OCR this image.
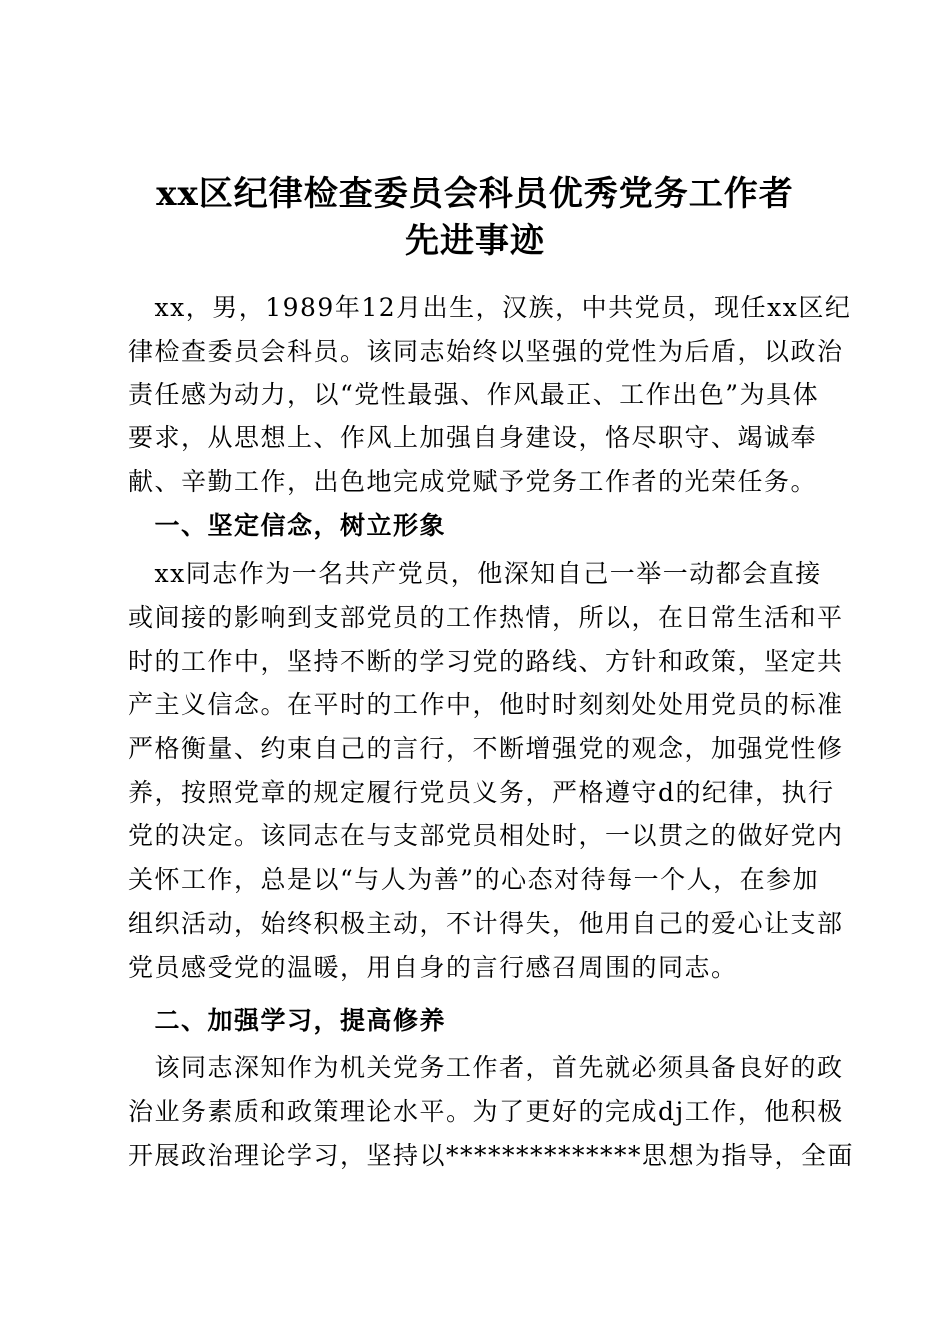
xx区纪律检查委员会科员优秀党务工作者
先进事迹

　xx，男，1989年12月出生，汉族，中共党员，现任xx区纪

律检查委员会科员。该同志始终以坚强的党性为后盾，以政治

责任感为动力，以“党性最强、作风最正、工作出色”为具体

要求，从思想上、作风上加强自身建设，恪尽职守、竭诚奉

献、辛勤工作，出色地完成党赋予党务工作者的光荣任务。

　一、坚定信念，树立形象

　xx同志作为一名共产党员，他深知自己一举一动都会直接

或间接的影响到支部党员的工作热情，所以，在日常生活和平

时的工作中，坚持不断的学习党的路线、方针和政策，坚定共

产主义信念。在平时的工作中，他时时刻刻处处用党员的标准

严格衡量、约束自己的言行，不断增强党的观念，加强党性修

养，按照党章的规定履行党员义务，严格遵守d的纪律，执行

党的决定。该同志在与支部党员相处时，一以贯之的做好党内

关怀工作，总是以“与人为善”的心态对待每一个人，在参加

组织活动，始终积极主动，不计得失，他用自己的爱心让支部

党员感受党的温暖，用自身的言行感召周围的同志。

　二、加强学习，提高修养

　该同志深知作为机关党务工作者，首先就必须具备良好的政

治业务素质和政策理论水平。为了更好的完成dj工作，他积极

开展政治理论学习，坚持以**************思想为指导，全面
